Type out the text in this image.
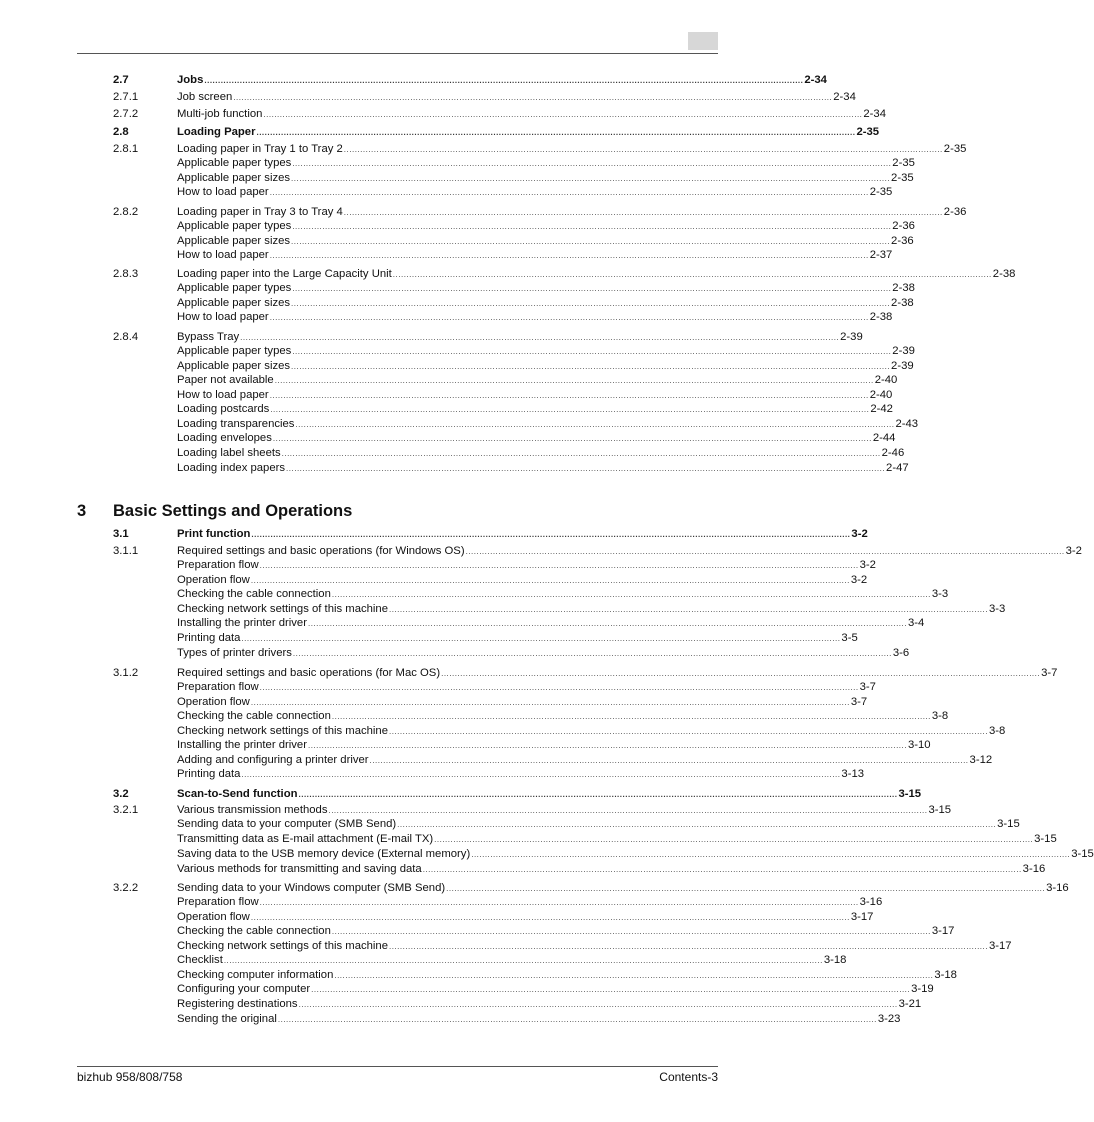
2.7	Jobs ............................................................................................................................................................................................................................ 2-34
2.7.1	Job screen ............................................................................................................................................................................................................................ 2-34
2.7.2	Multi-job function ............................................................................................................................................................................................................................ 2-34
2.8	Loading Paper ............................................................................................................................................................................................................................ 2-35
2.8.1	Loading paper in Tray 1 to Tray 2 ............................................................................................................................................................................................................................ 2-35
Applicable paper types ............................................................................................................................................................................................................................ 2-35
Applicable paper sizes ............................................................................................................................................................................................................................ 2-35
How to load paper ............................................................................................................................................................................................................................ 2-35
2.8.2	Loading paper in Tray 3 to Tray 4 ............................................................................................................................................................................................................................ 2-36
Applicable paper types ............................................................................................................................................................................................................................ 2-36
Applicable paper sizes ............................................................................................................................................................................................................................ 2-36
How to load paper ............................................................................................................................................................................................................................ 2-37
2.8.3	Loading paper into the Large Capacity Unit ............................................................................................................................................................................................................................ 2-38
Applicable paper types ............................................................................................................................................................................................................................ 2-38
Applicable paper sizes ............................................................................................................................................................................................................................ 2-38
How to load paper ............................................................................................................................................................................................................................ 2-38
2.8.4	Bypass Tray ............................................................................................................................................................................................................................ 2-39
Applicable paper types ............................................................................................................................................................................................................................ 2-39
Applicable paper sizes ............................................................................................................................................................................................................................ 2-39
Paper not available ............................................................................................................................................................................................................................ 2-40
How to load paper ............................................................................................................................................................................................................................ 2-40
Loading postcards ............................................................................................................................................................................................................................ 2-42
Loading transparencies ............................................................................................................................................................................................................................ 2-43
Loading envelopes ............................................................................................................................................................................................................................ 2-44
Loading label sheets ............................................................................................................................................................................................................................ 2-46
Loading index papers ............................................................................................................................................................................................................................ 2-47
3.1	Print function ............................................................................................................................................................................................................................ 3-2
3.1.1	Required settings and basic operations (for Windows OS) ............................................................................................................................................................................................................................ 3-2
Preparation flow ............................................................................................................................................................................................................................ 3-2
Operation flow ............................................................................................................................................................................................................................ 3-2
Checking the cable connection ............................................................................................................................................................................................................................ 3-3
Checking network settings of this machine ............................................................................................................................................................................................................................ 3-3
Installing the printer driver ............................................................................................................................................................................................................................ 3-4
Printing data ............................................................................................................................................................................................................................ 3-5
Types of printer drivers ............................................................................................................................................................................................................................ 3-6
3.1.2	Required settings and basic operations (for Mac OS) ............................................................................................................................................................................................................................ 3-7
Preparation flow ............................................................................................................................................................................................................................ 3-7
Operation flow ............................................................................................................................................................................................................................ 3-7
Checking the cable connection ............................................................................................................................................................................................................................ 3-8
Checking network settings of this machine ............................................................................................................................................................................................................................ 3-8
Installing the printer driver ............................................................................................................................................................................................................................ 3-10
Adding and configuring a printer driver ............................................................................................................................................................................................................................ 3-12
Printing data ............................................................................................................................................................................................................................ 3-13
3.2	Scan-to-Send function ............................................................................................................................................................................................................................ 3-15
3.2.1	Various transmission methods ............................................................................................................................................................................................................................ 3-15
Sending data to your computer (SMB Send) ............................................................................................................................................................................................................................ 3-15
Transmitting data as E-mail attachment (E-mail TX) ............................................................................................................................................................................................................................ 3-15
Saving data to the USB memory device (External memory) ............................................................................................................................................................................................................................ 3-15
Various methods for transmitting and saving data ............................................................................................................................................................................................................................ 3-16
3.2.2	Sending data to your Windows computer (SMB Send) ............................................................................................................................................................................................................................ 3-16
Preparation flow ............................................................................................................................................................................................................................ 3-16
Operation flow ............................................................................................................................................................................................................................ 3-17
Checking the cable connection ............................................................................................................................................................................................................................ 3-17
Checking network settings of this machine ............................................................................................................................................................................................................................ 3-17
Checklist ............................................................................................................................................................................................................................ 3-18
Checking computer information ............................................................................................................................................................................................................................ 3-18
Configuring your computer ............................................................................................................................................................................................................................ 3-19
Registering destinations ............................................................................................................................................................................................................................ 3-21
Sending the original ............................................................................................................................................................................................................................ 3-23
3 Basic Settings and Operations
bizhub 958/808/758	Contents-3
